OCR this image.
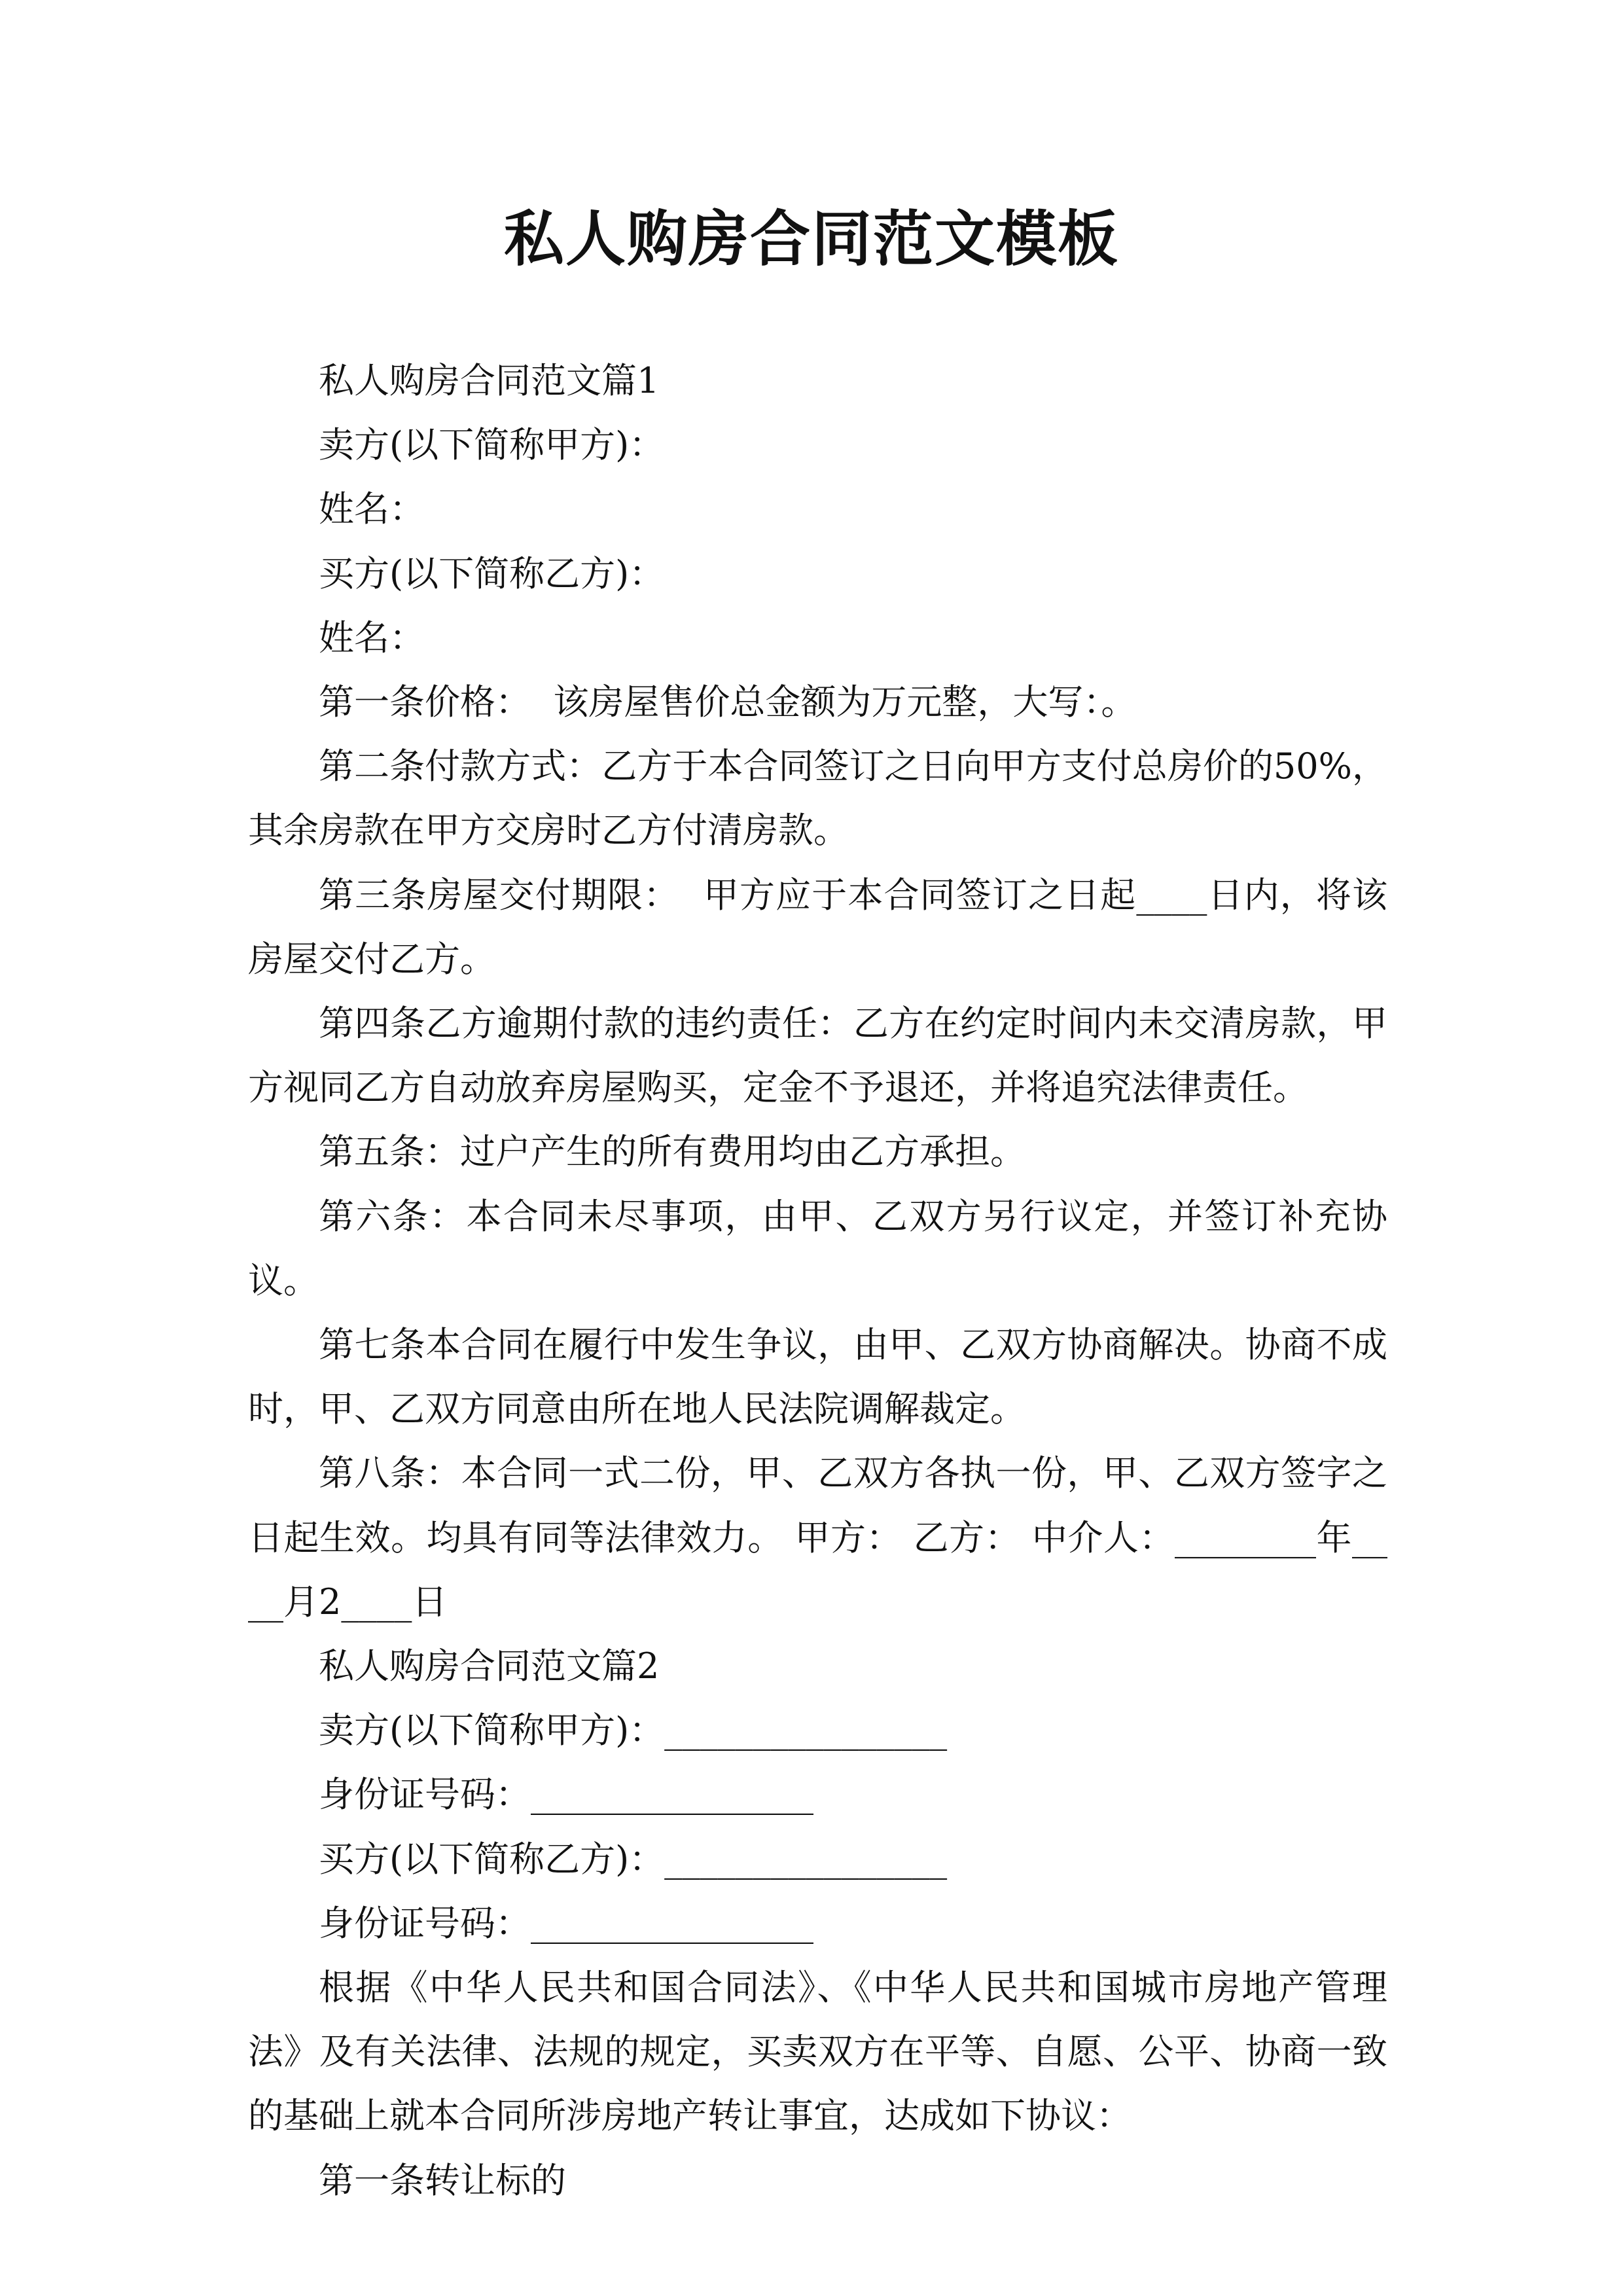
私人购房合同范文模板

私人购房合同范文篇1

卖方(以下简称甲方)：

姓名：

买方(以下简称乙方)：

姓名：

第一条价格：  该房屋售价总金额为万元整，大写：。

第二条付款方式：乙方于本合同签订之日向甲方支付总房价的50%，其余房款在甲方交房时乙方付清房款。

第三条房屋交付期限：  甲方应于本合同签订之日起____日内，将该房屋交付乙方。

第四条乙方逾期付款的违约责任：乙方在约定时间内未交清房款，甲方视同乙方自动放弃房屋购买，定金不予退还，并将追究法律责任。

第五条：过户产生的所有费用均由乙方承担。

第六条：本合同未尽事项，由甲、乙双方另行议定，并签订补充协议。

第七条本合同在履行中发生争议，由甲、乙双方协商解决。协商不成时，甲、乙双方同意由所在地人民法院调解裁定。

第八条：本合同一式二份，甲、乙双方各执一份，甲、乙双方签字之日起生效。均具有同等法律效力。 甲方： 乙方： 中介人：________年____月2____日

私人购房合同范文篇2

卖方(以下简称甲方)：________________

身份证号码：________________

买方(以下简称乙方)：________________

身份证号码：________________

根据《中华人民共和国合同法》、《中华人民共和国城市房地产管理法》及有关法律、法规的规定，买卖双方在平等、自愿、公平、协商一致的基础上就本合同所涉房地产转让事宜，达成如下协议：

第一条转让标的
